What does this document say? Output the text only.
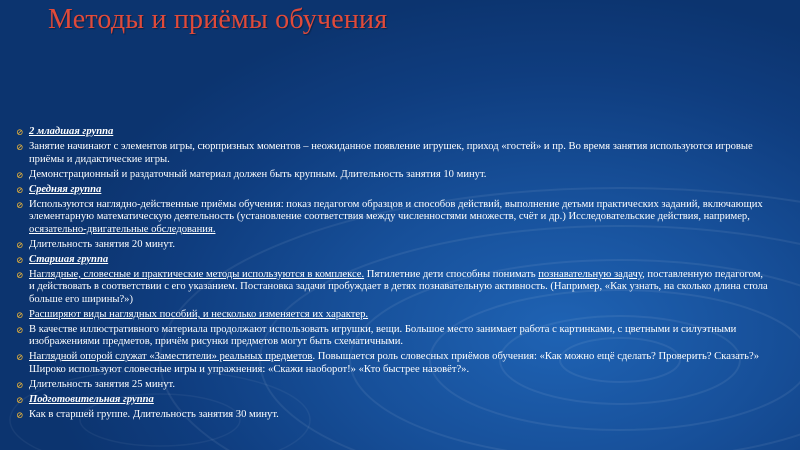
Методы и приёмы обучения
⊘ 2 младшая группа
⊘ Занятие начинают с элементов игры, сюрпризных моментов – неожиданное появление игрушек, приход «гостей» и пр. Во время занятия используются игровые приёмы и дидактические игры.
⊘ Демонстрационный и раздаточный материал должен быть крупным. Длительность занятия 10 минут.
⊘ Средняя группа
⊘ Используются наглядно-действенные приёмы обучения: показ педагогом образцов и способов действий, выполнение детьми практических заданий, включающих элементарную математическую деятельность (установление соответствия между численностями множеств, счёт и др.) Исследовательские действия, например, осязательно-двигательные обследования.
⊘ Длительность занятия 20 минут.
⊘ Старшая группа
⊘ Наглядные, словесные и практические методы используются в комплексе. Пятилетние дети способны понимать познавательную задачу, поставленную педагогом, и действовать в соответствии с его указанием. Постановка задачи пробуждает в детях познавательную активность. (Например, «Как узнать, на сколько длина стола больше его ширины?»)
⊘ Расширяют виды наглядных пособий, и несколько изменяется их характер.
⊘ В качестве иллюстративного материала продолжают использовать игрушки, вещи. Большое место занимает работа с картинками, с цветными и силуэтными изображениями предметов, причём рисунки предметов могут быть схематичными.
⊘ Наглядной опорой служат «Заместители» реальных предметов. Повышается роль словесных приёмов обучения: «Как можно ещё сделать? Проверить? Сказать?» Широко используют словесные игры и упражнения: «Скажи наоборот!» «Кто быстрее назовёт?».
⊘ Длительность занятия 25 минут.
⊘ Подготовительная группа
⊘ Как в старшей группе. Длительность занятия 30 минут.
